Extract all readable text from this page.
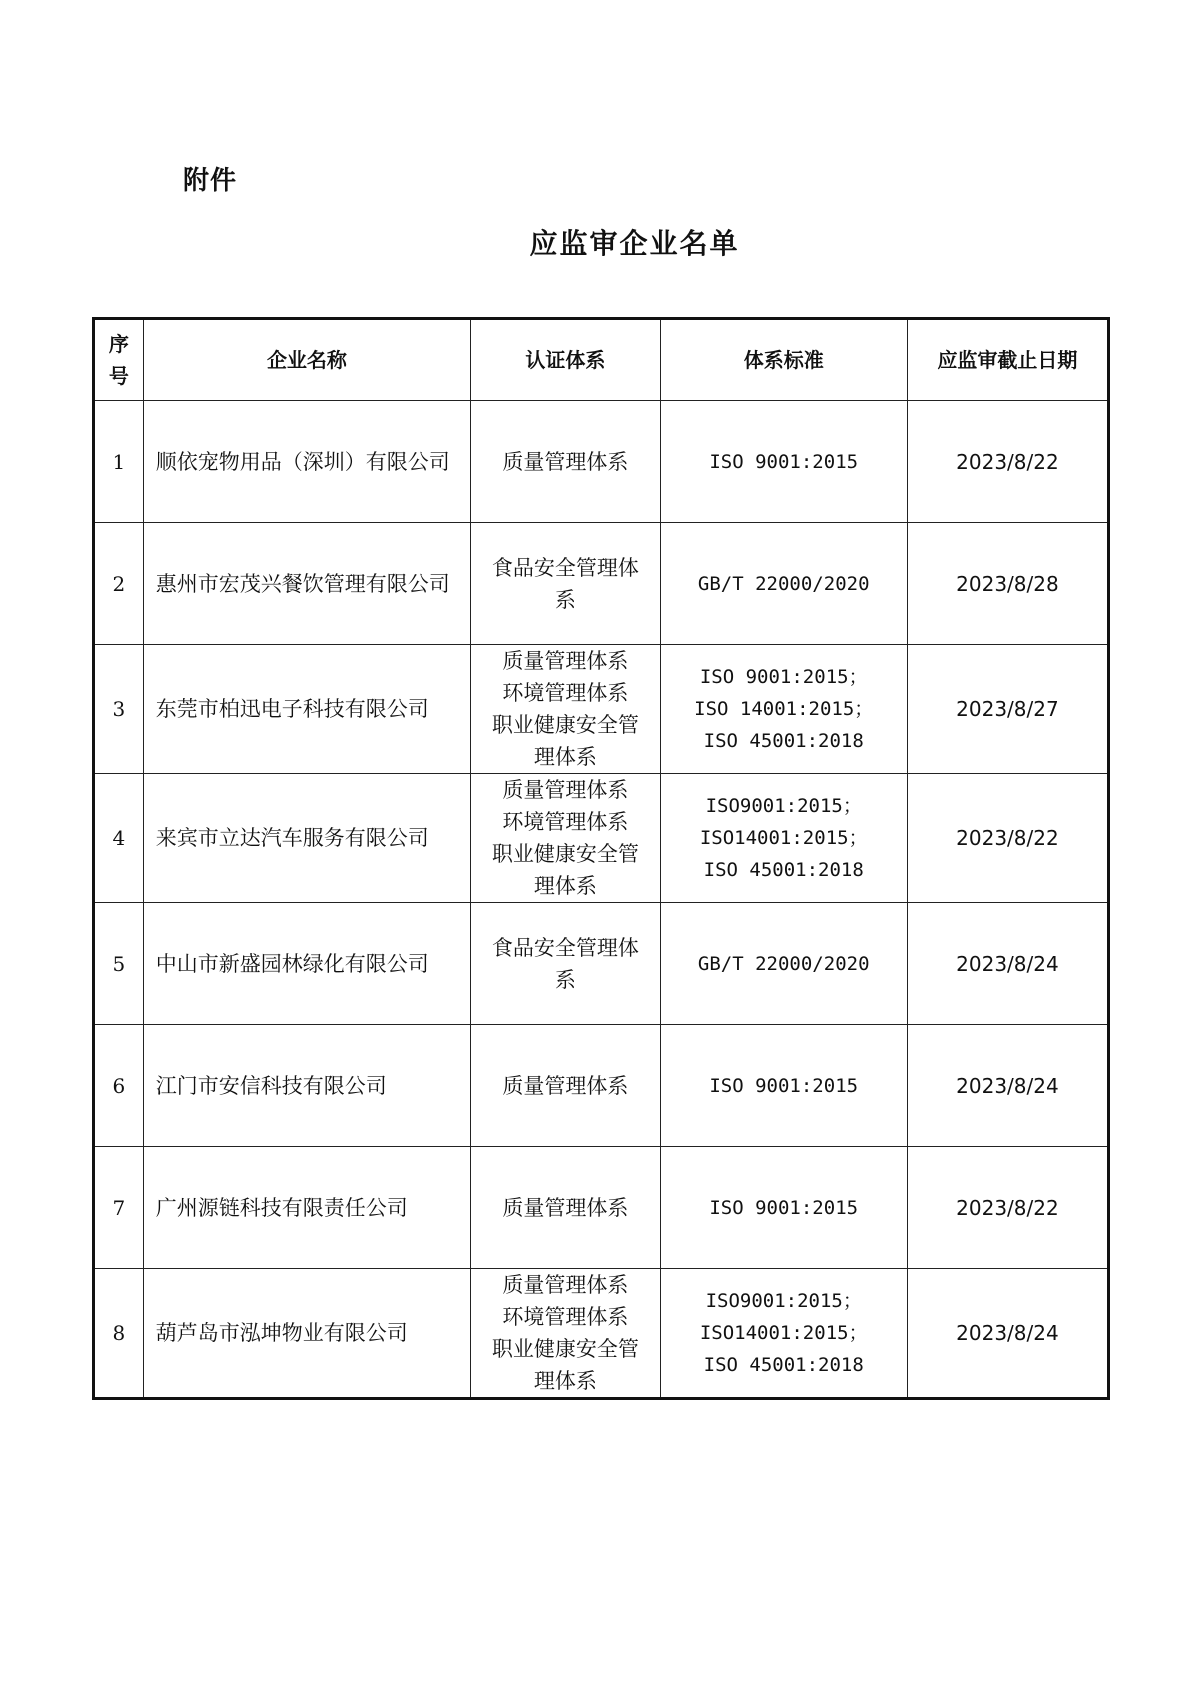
附件
应监审企业名单
序
号	企业名称	认证体系	体系标准	应监审截止日期
1	顺依宠物用品（深圳）有限公司	质量管理体系	ISO 9001:2015	2023/8/22
2	惠州市宏茂兴餐饮管理有限公司	食品安全管理体
系	GB/T 22000/2020	2023/8/28
3	东莞市柏迅电子科技有限公司	质量管理体系
环境管理体系
职业健康安全管
理体系	ISO 9001:2015；
ISO 14001:2015；
ISO 45001:2018	2023/8/27
4	来宾市立达汽车服务有限公司	质量管理体系
环境管理体系
职业健康安全管
理体系	ISO9001:2015；
ISO14001:2015；
ISO 45001:2018	2023/8/22
5	中山市新盛园林绿化有限公司	食品安全管理体
系	GB/T 22000/2020	2023/8/24
6	江门市安信科技有限公司	质量管理体系	ISO 9001:2015	2023/8/24
7	广州源链科技有限责任公司	质量管理体系	ISO 9001:2015	2023/8/22
8	葫芦岛市泓坤物业有限公司	质量管理体系
环境管理体系
职业健康安全管
理体系	ISO9001:2015；
ISO14001:2015；
ISO 45001:2018	2023/8/24
